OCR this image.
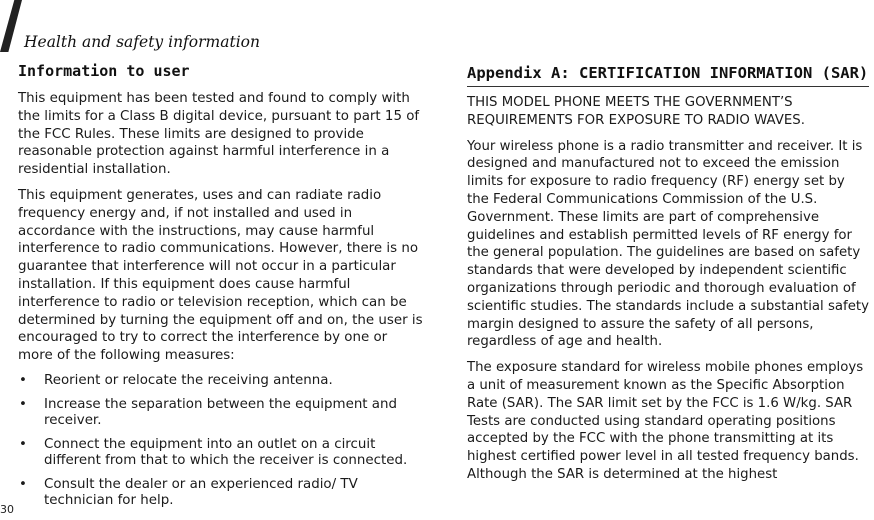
Health and safety information
Information to user

This equipment has been tested and found to comply with the limits for a Class B digital device, pursuant to part 15 of the FCC Rules. These limits are designed to provide reasonable protection against harmful interference in a residential installation.

This equipment generates, uses and can radiate radio frequency energy and, if not installed and used in accordance with the instructions, may cause harmful interference to radio communications. However, there is no guarantee that interference will not occur in a particular installation. If this equipment does cause harmful interference to radio or television reception, which can be determined by turning the equipment off and on, the user is encouraged to try to correct the interference by one or more of the following measures:

• Reorient or relocate the receiving antenna.
• Increase the separation between the equipment and receiver.
• Connect the equipment into an outlet on a circuit different from that to which the receiver is connected.
• Consult the dealer or an experienced radio/ TV technician for help.
Appendix A: CERTIFICATION INFORMATION (SAR)

THIS MODEL PHONE MEETS THE GOVERNMENT’S REQUIREMENTS FOR EXPOSURE TO RADIO WAVES.

Your wireless phone is a radio transmitter and receiver. It is designed and manufactured not to exceed the emission limits for exposure to radio frequency (RF) energy set by the Federal Communications Commission of the U.S. Government. These limits are part of comprehensive guidelines and establish permitted levels of RF energy for the general population. The guidelines are based on safety standards that were developed by independent scientific organizations through periodic and thorough evaluation of scientific studies. The standards include a substantial safety margin designed to assure the safety of all persons, regardless of age and health.

The exposure standard for wireless mobile phones employs a unit of measurement known as the Specific Absorption Rate (SAR). The SAR limit set by the FCC is 1.6 W/kg. SAR Tests are conducted using standard operating positions accepted by the FCC with the phone transmitting at its highest certified power level in all tested frequency bands. Although the SAR is determined at the highest

30
